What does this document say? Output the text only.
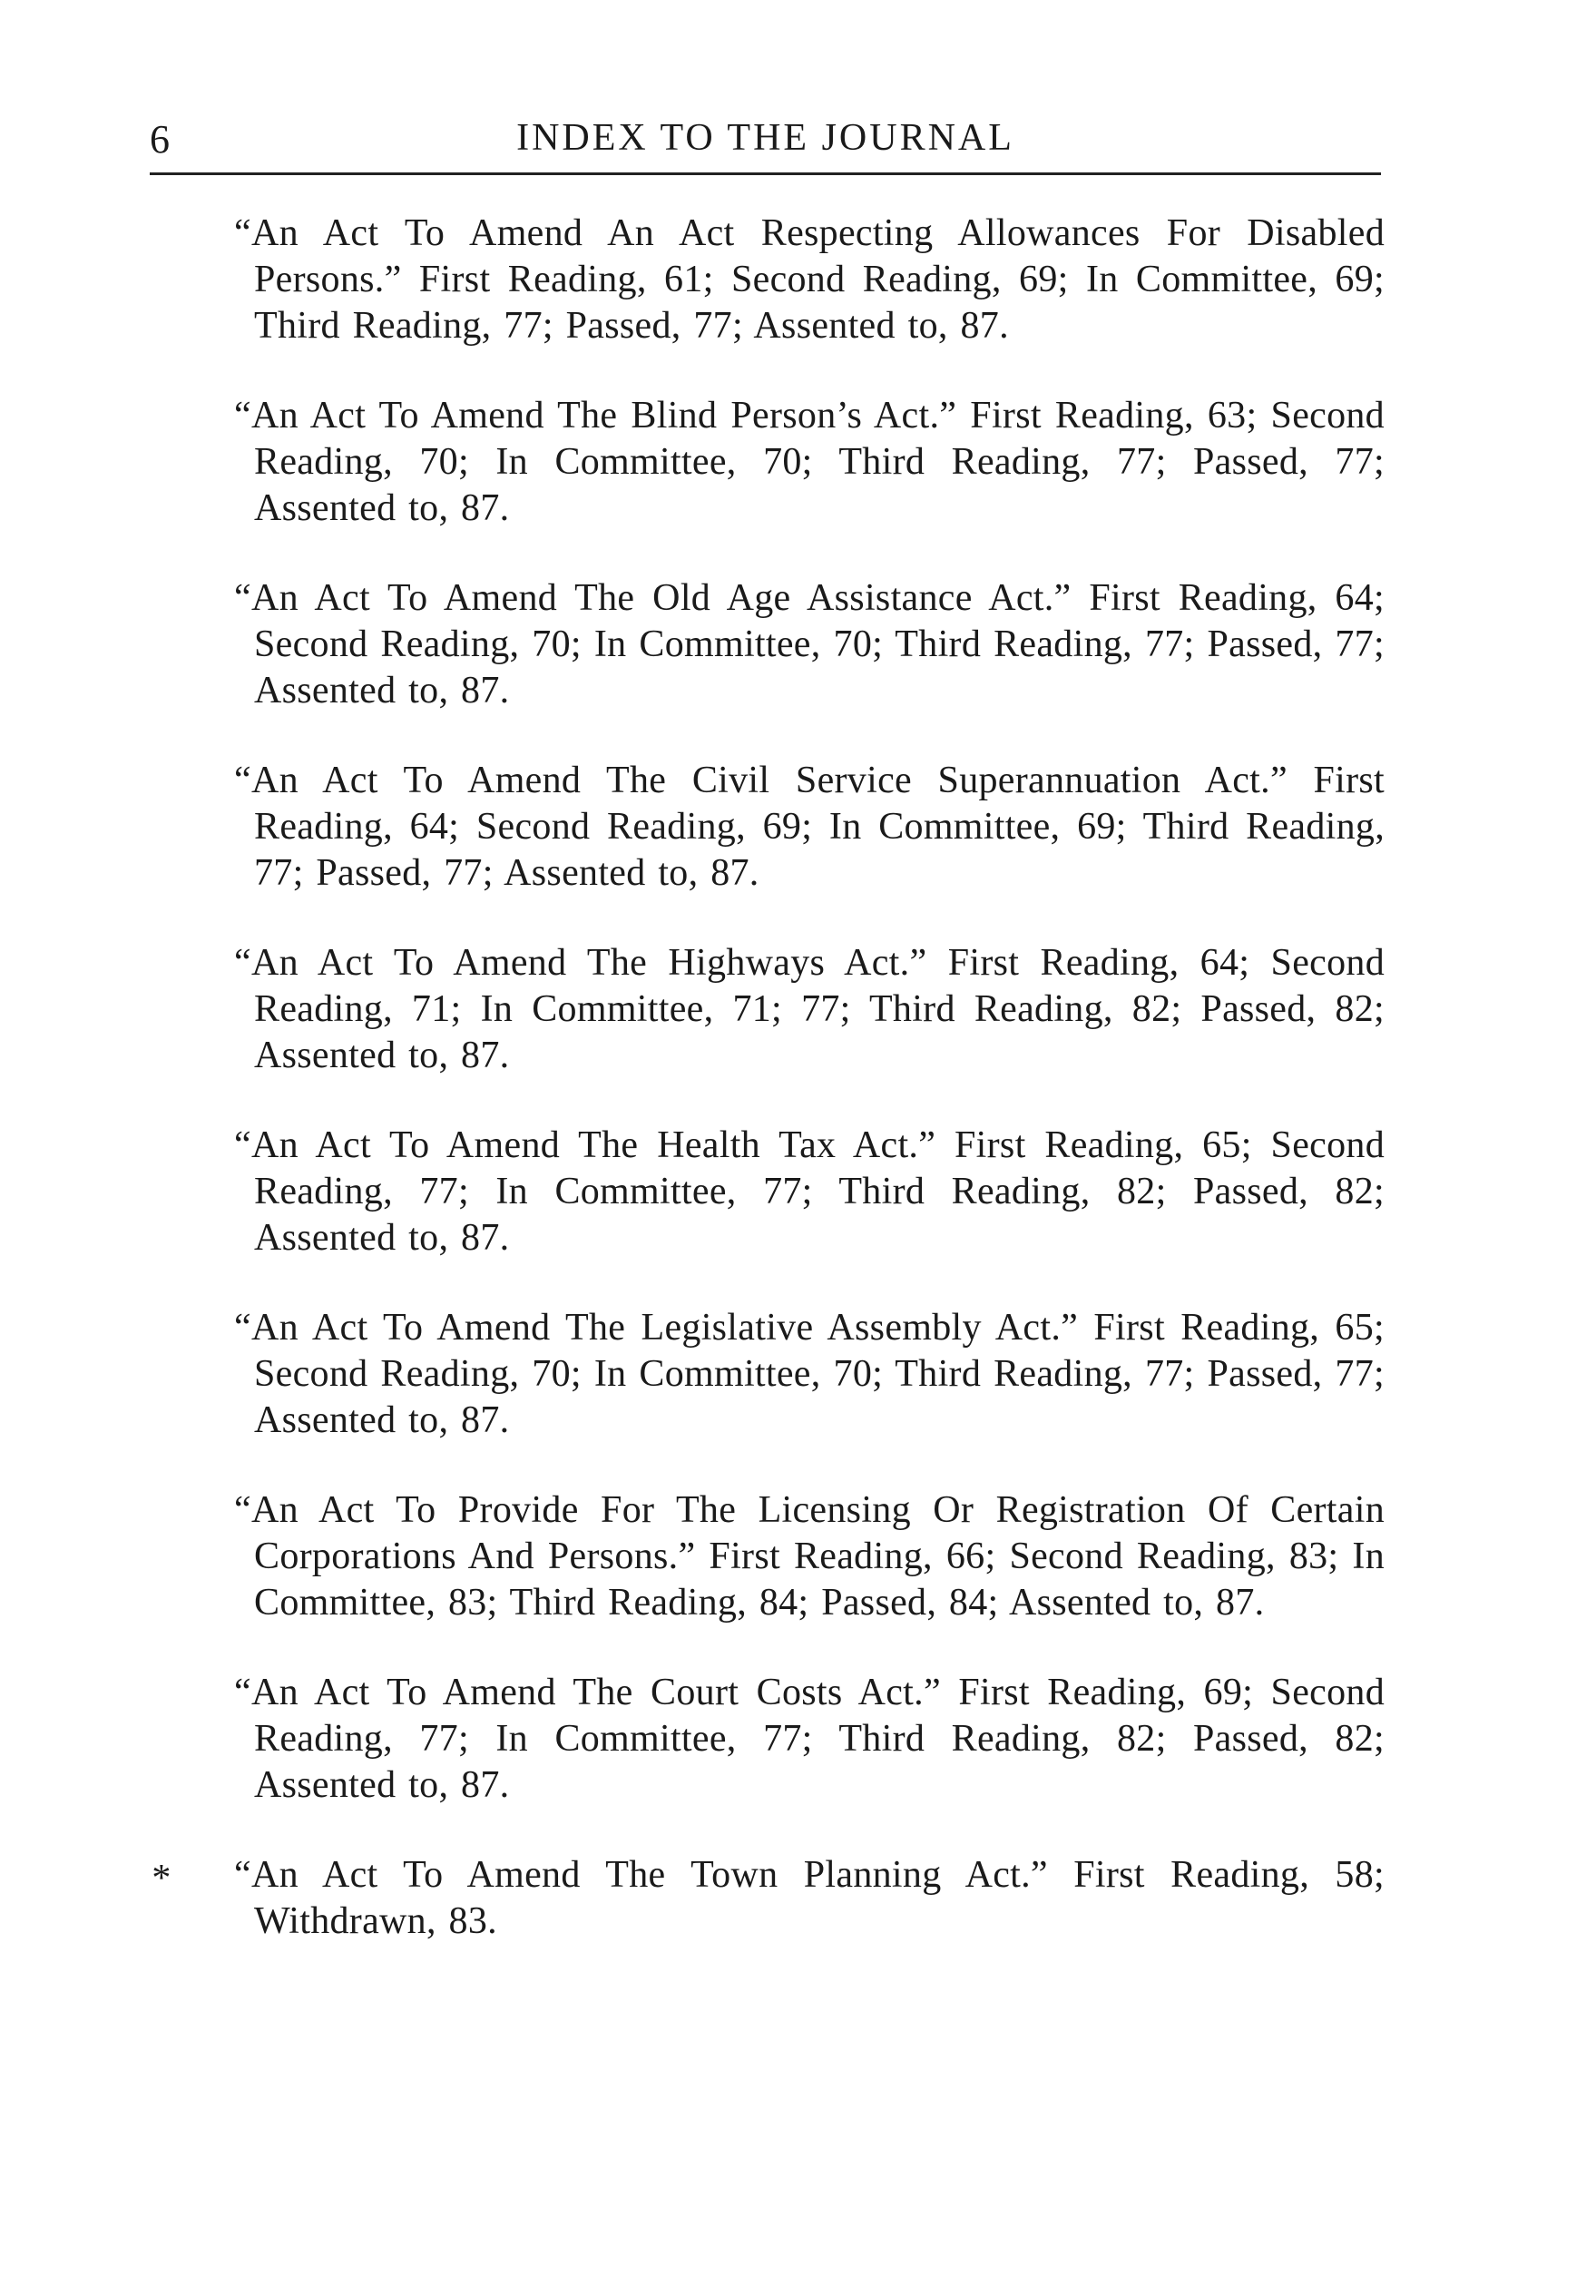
6	INDEX TO THE JOURNAL

“An Act To Amend An Act Respecting Allowances For Disabled Persons.” First Reading, 61; Second Reading, 69; In Committee, 69; Third Reading, 77; Passed, 77; Assented to, 87.

“An Act To Amend The Blind Person’s Act.” First Reading, 63; Second Reading, 70; In Committee, 70; Third Reading, 77; Passed, 77; Assented to, 87.

“An Act To Amend The Old Age Assistance Act.” First Reading, 64; Second Reading, 70; In Committee, 70; Third Reading, 77; Passed, 77; Assented to, 87.

“An Act To Amend The Civil Service Superannuation Act.” First Reading, 64; Second Reading, 69; In Committee, 69; Third Reading, 77; Passed, 77; Assented to, 87.

“An Act To Amend The Highways Act.” First Reading, 64; Second Reading, 71; In Committee, 71; 77; Third Reading, 82; Passed, 82; Assented to, 87.

“An Act To Amend The Health Tax Act.” First Reading, 65; Second Reading, 77; In Committee, 77; Third Reading, 82; Passed, 82; Assented to, 87.

“An Act To Amend The Legislative Assembly Act.” First Reading, 65; Second Reading, 70; In Committee, 70; Third Reading, 77; Passed, 77; Assented to, 87.

“An Act To Provide For The Licensing Or Registration Of Certain Corporations And Persons.” First Reading, 66; Second Reading, 83; In Committee, 83; Third Reading, 84; Passed, 84; Assented to, 87.

“An Act To Amend The Court Costs Act.” First Reading, 69; Second Reading, 77; In Committee, 77; Third Reading, 82; Passed, 82; Assented to, 87.

* “An Act To Amend The Town Planning Act.” First Reading, 58; Withdrawn, 83.
